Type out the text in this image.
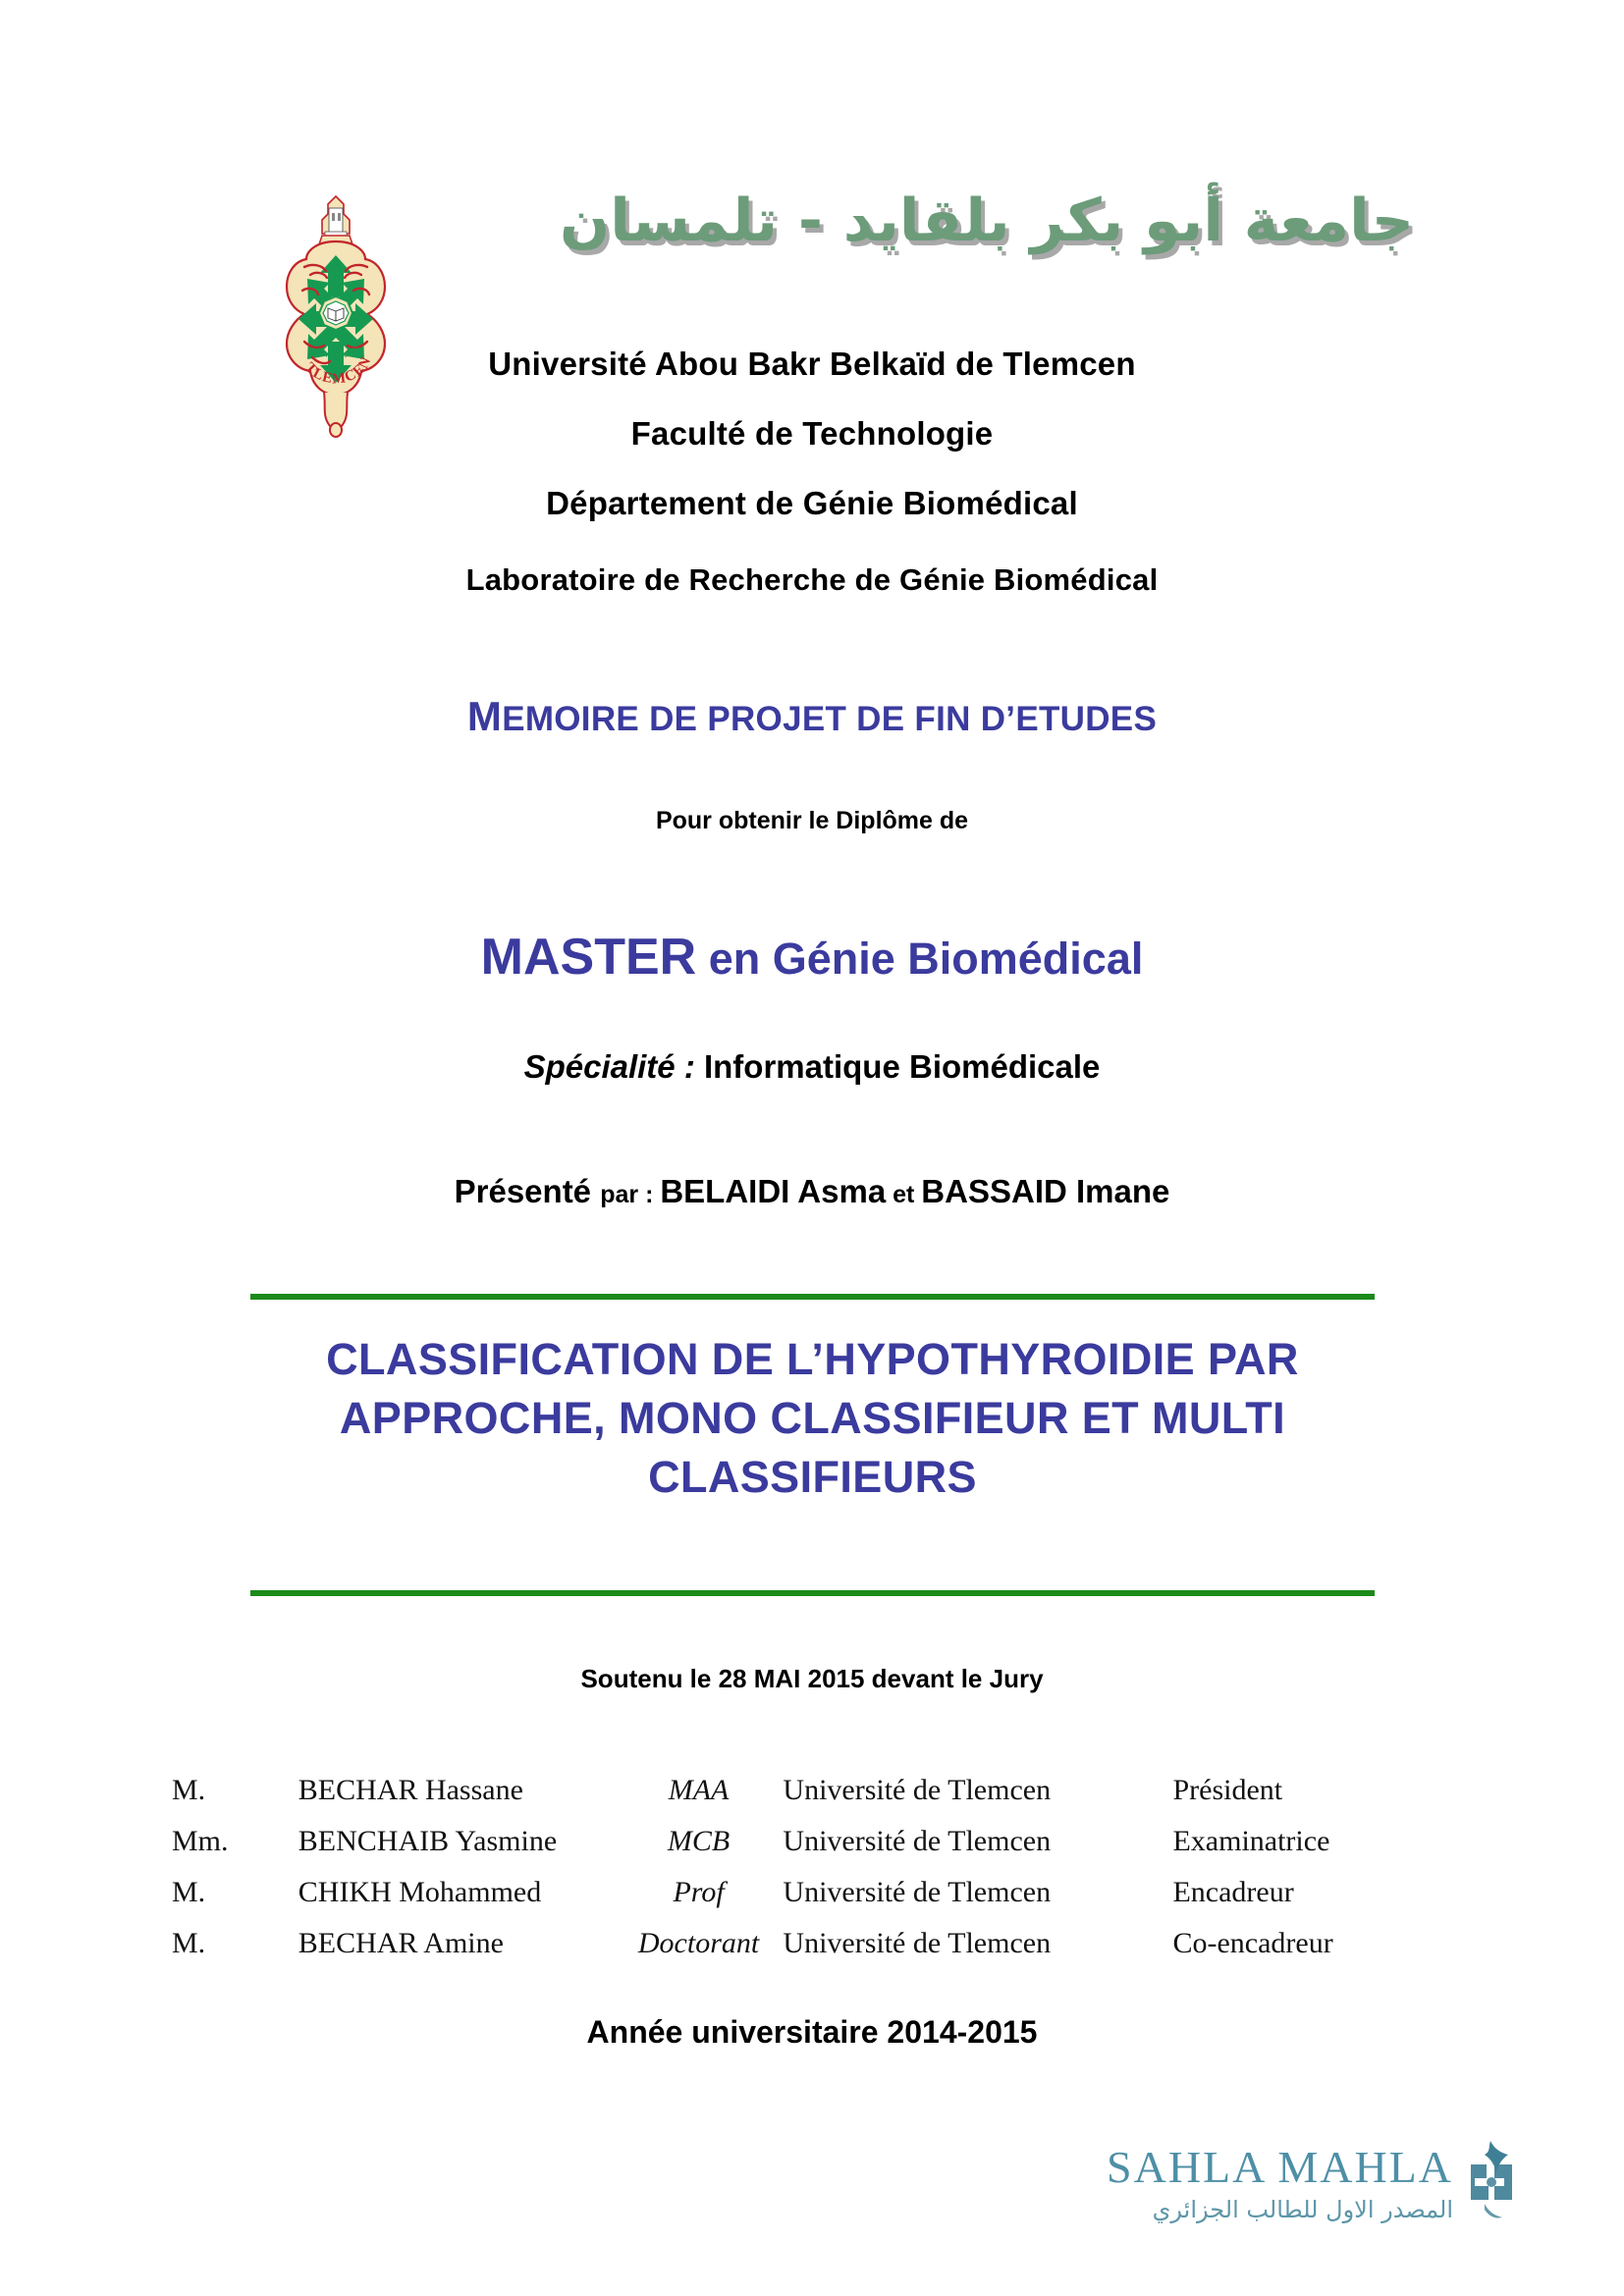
UNIVERSITE
TLEMCEN
جامعة أبو بكر بلقايد - تلمسان
Université Abou Bakr Belkaïd de Tlemcen
Faculté de Technologie
Département de Génie Biomédical
Laboratoire de Recherche de Génie Biomédical
MEMOIRE DE PROJET DE FIN D’ETUDES
Pour obtenir le Diplôme de
MASTER en Génie Biomédical
Spécialité : Informatique Biomédicale
Présenté par : BELAIDI Asma et BASSAID Imane
CLASSIFICATION DE L’HYPOTHYROIDIE PAR APPROCHE, MONO CLASSIFIEUR ET MULTI CLASSIFIEURS
Soutenu le 28 MAI 2015 devant le Jury
M.	BECHAR Hassane	MAA	Université de Tlemcen	Président
Mm.	BENCHAIB Yasmine	MCB	Université de Tlemcen	Examinatrice
M.	CHIKH Mohammed	Prof	Université de Tlemcen	Encadreur
M.	BECHAR Amine	Doctorant	Université de Tlemcen	Co-encadreur
Année universitaire 2014-2015
SAHLA MAHLA
المصدر الاول للطالب الجزائري
